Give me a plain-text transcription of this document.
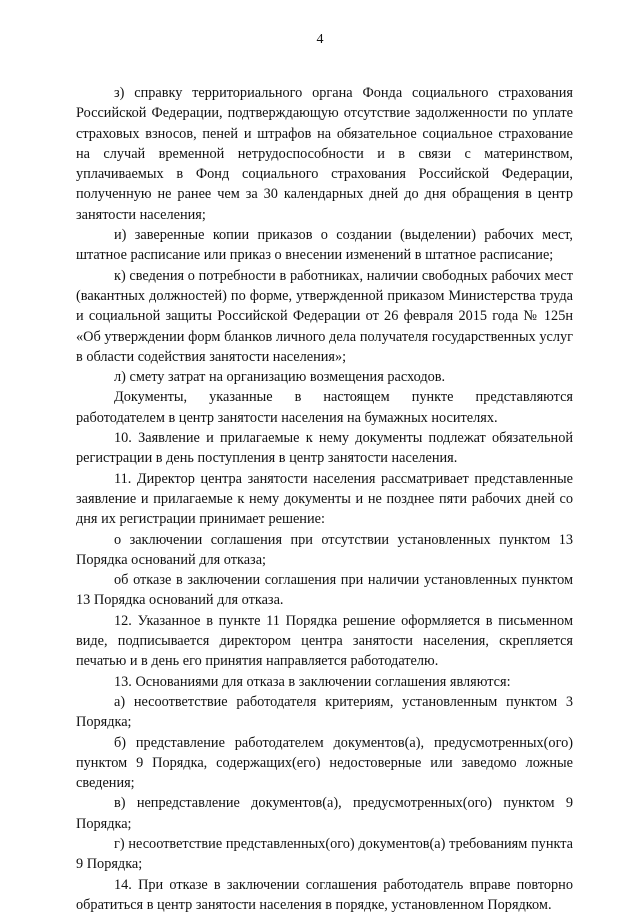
4

з) справку территориального органа Фонда социального страхования Российской Федерации, подтверждающую отсутствие задолженности по уплате страховых взносов, пеней и штрафов на обязательное социальное страхование на случай временной нетрудоспособности и в связи с материнством, уплачиваемых в Фонд социального страхования Российской Федерации, полученную не ранее чем за 30 календарных дней до дня обращения в центр занятости населения;

и) заверенные копии приказов о создании (выделении) рабочих мест, штатное расписание или приказ о внесении изменений в штатное расписание;

к) сведения о потребности в работниках, наличии свободных рабочих мест (вакантных должностей) по форме, утвержденной приказом Министерства труда и социальной защиты Российской Федерации от 26 февраля 2015 года № 125н «Об утверждении форм бланков личного дела получателя государственных услуг в области содействия занятости населения»;

л) смету затрат на организацию возмещения расходов.

Документы, указанные в настоящем пункте представляются работодателем в центр занятости населения на бумажных носителях.

10. Заявление и прилагаемые к нему документы подлежат обязательной регистрации в день поступления в центр занятости населения.

11. Директор центра занятости населения рассматривает представленные заявление и прилагаемые к нему документы и не позднее пяти рабочих дней со дня их регистрации принимает решение:

о заключении соглашения при отсутствии установленных пунктом 13 Порядка оснований для отказа;

об отказе в заключении соглашения при наличии установленных пунктом 13 Порядка оснований для отказа.

12. Указанное в пункте 11 Порядка решение оформляется в письменном виде, подписывается директором центра занятости населения, скрепляется печатью и в день его принятия направляется работодателю.

13. Основаниями для отказа в заключении соглашения являются:

а) несоответствие работодателя критериям, установленным пунктом 3 Порядка;

б) представление работодателем документов(а), предусмотренных(ого) пунктом 9 Порядка, содержащих(его) недостоверные или заведомо ложные сведения;

в) непредставление документов(а), предусмотренных(ого) пунктом 9 Порядка;

г) несоответствие представленных(ого) документов(а) требованиям пункта 9 Порядка;

14. При отказе в заключении соглашения работодатель вправе повторно обратиться в центр занятости населения в порядке, установленном Порядком.
